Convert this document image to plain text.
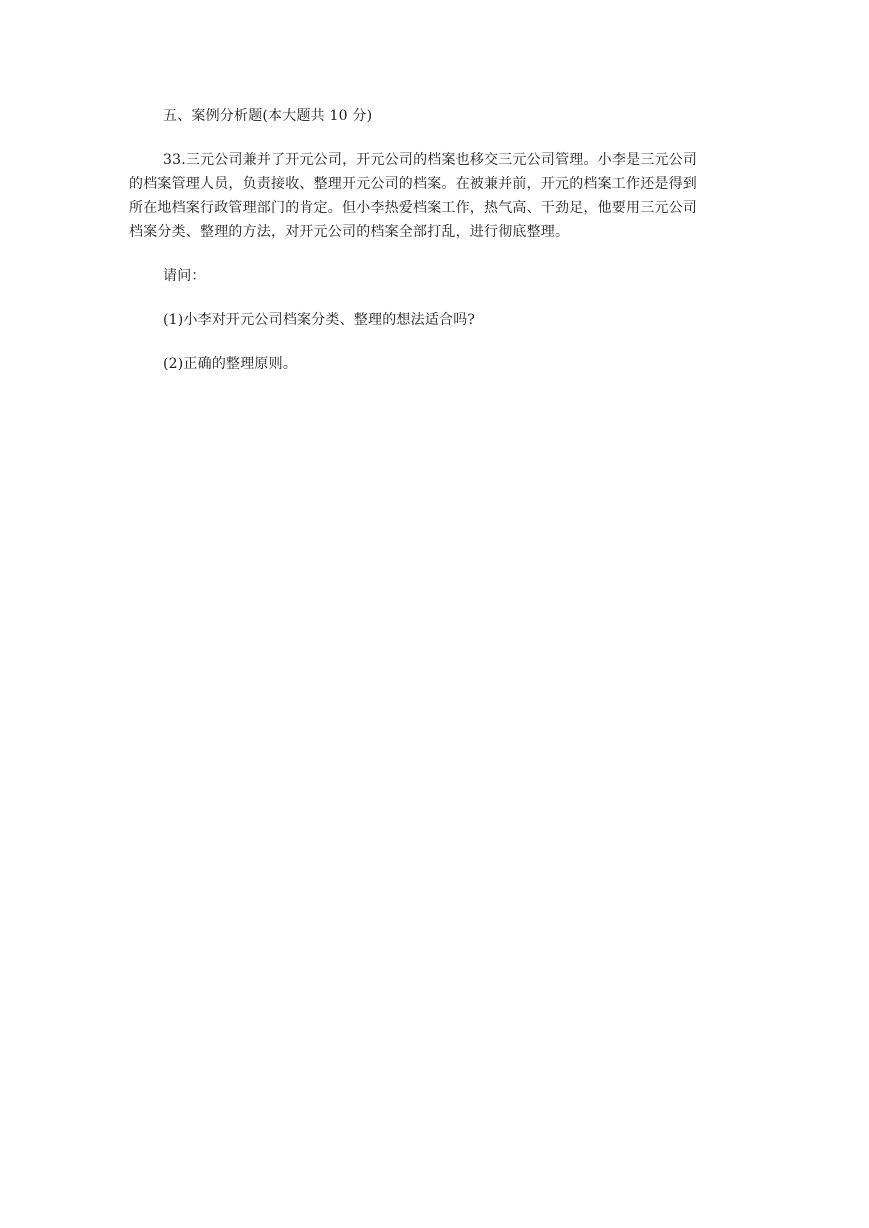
五、案例分析题(本大题共 10 分)
33.三元公司兼并了开元公司，开元公司的档案也移交三元公司管理。小李是三元公司
的档案管理人员，负责接收、整理开元公司的档案。在被兼并前，开元的档案工作还是得到
所在地档案行政管理部门的肯定。但小李热爱档案工作，热气高、干劲足，他要用三元公司
档案分类、整理的方法，对开元公司的档案全部打乱，进行彻底整理。
请问：
(1)小李对开元公司档案分类、整理的想法适合吗?
(2)正确的整理原则。
